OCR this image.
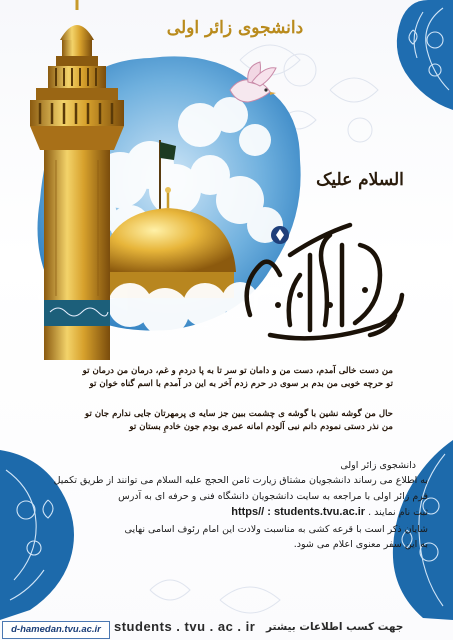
دانشجوی زائر اولی
السلام علیک
من دست خالی آمدم، دست من و دامان تو سر تا به پا دردم و غم، درمان من درمان تو
تو حرچه خوبی من بدم بر سوی در حرم زدم آخر به این در آمدم با اسم گناه خوان تو
حال من گوشه نشین با گوشه ی چشمت ببین جز سایه ی پرمهرتان جایی ندارم جان تو
من نذر دستی نمودم دانم نبی آلودم امانه عمری بودم جون خادمِ بستان تو
دانشجوی زائر اولی
به اطلاع می رساند دانشجویان مشتاق زیارت ثامن الحجج علیه السلام می توانند از طریق تکمیل
فرم زائر اولی با مراجعه به سایت دانشجویان دانشگاه فنی و حرفه ای به آدرس
ثبت نام نمایند . https// : students.tvu.ac.ir
شایان ذکر است با قرعه کشی به مناسبت ولادت این امام رئوف اسامی نهایی
به این سفر معنوی اعلام می شود.
d-hamedan.tvu.ac.ir	students . tvu . ac . ir جهت کسب اطلاعات بیشتر
